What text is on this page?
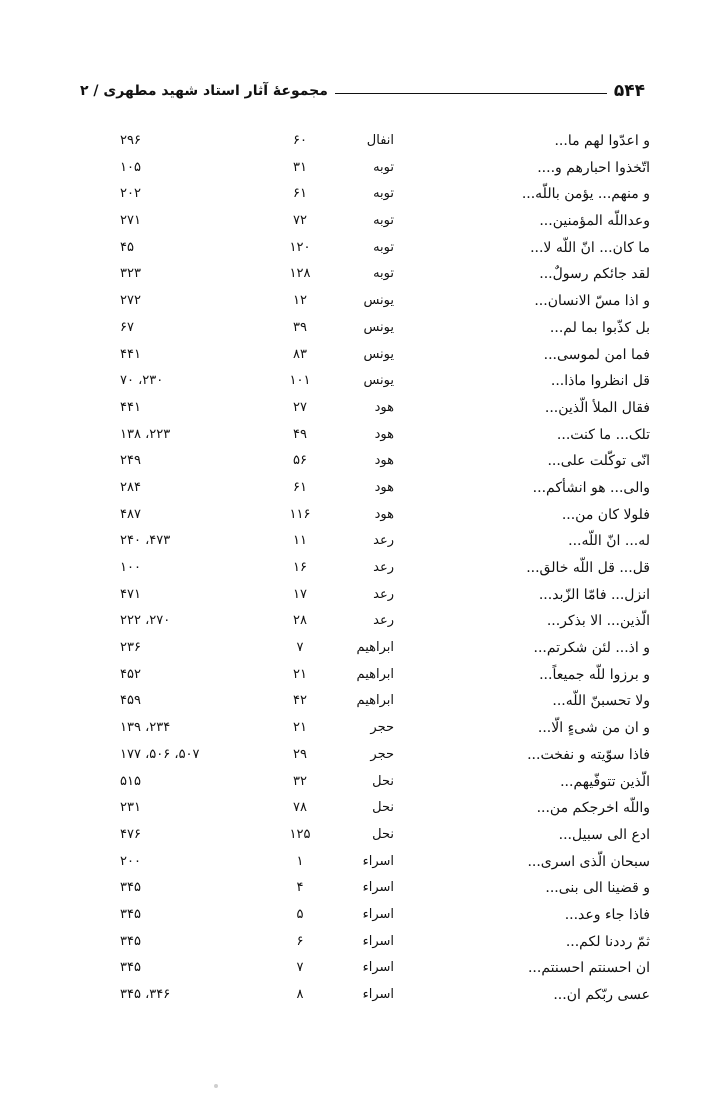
۵۴۴
مجموعهٔ آثار استاد شهید مطهری / ۲
و اعدّوا لهم ما...
انفال
۶۰
۲۹۶
اتّخذوا احبارهم و....
توبه
۳۱
۱۰۵
و منهم... یؤمن باللّه...
توبه
۶۱
۲۰۲
وعداللّه المؤمنین...
توبه
۷۲
۲۷۱
ما کان... انّ اللّه لا...
توبه
۱۲۰
۴۵
لقد جائکم رسولٌ...
توبه
۱۲۸
۳۲۳
و اذا مسّ الانسان...
یونس
۱۲
۲۷۲
بل کذّبوا بما لم...
یونس
۳۹
۶۷
فما امن لموسی...
یونس
۸۳
۴۴۱
قل انظروا ماذا...
یونس
۱۰۱
۲۳۰، ۷۰
فقال الملأ الّذین...
هود
۲۷
۴۴۱
تلک... ما کنت...
هود
۴۹
۲۲۳، ۱۳۸
انّی توکّلت علی...
هود
۵۶
۲۴۹
والی... هو انشأکم...
هود
۶۱
۲۸۴
فلولا کان من...
هود
۱۱۶
۴۸۷
له... انّ اللّه...
رعد
۱۱
۴۷۳، ۲۴۰
قل... قل اللّه خالق...
رعد
۱۶
۱۰۰
انزل... فامّا الزّبد...
رعد
۱۷
۴۷۱
الّذین... الا بذکر...
رعد
۲۸
۲۷۰، ۲۲۲
و اذ... لئن شکرتم...
ابراهیم
۷
۲۳۶
و برزوا للّه جمیعاً...
ابراهیم
۲۱
۴۵۲
ولا تحسبنّ اللّه...
ابراهیم
۴۲
۴۵۹
و ان من شیءٍ الّا...
حجر
۲۱
۲۳۴، ۱۳۹
فاذا سوّیته و نفخت...
حجر
۲۹
۵۰۷، ۵۰۶، ۱۷۷
الّذین تتوفّیهم...
نحل
۳۲
۵۱۵
واللّه اخرجکم من...
نحل
۷۸
۲۳۱
ادع الی سبیل...
نحل
۱۲۵
۴۷۶
سبحان الّذی اسری...
اسراء
۱
۲۰۰
و قضینا الی بنی...
اسراء
۴
۳۴۵
فاذا جاء وعد...
اسراء
۵
۳۴۵
ثمّ رددنا لکم...
اسراء
۶
۳۴۵
ان احسنتم احسنتم...
اسراء
۷
۳۴۵
عسی ربّکم ان...
اسراء
۸
۳۴۶، ۳۴۵
